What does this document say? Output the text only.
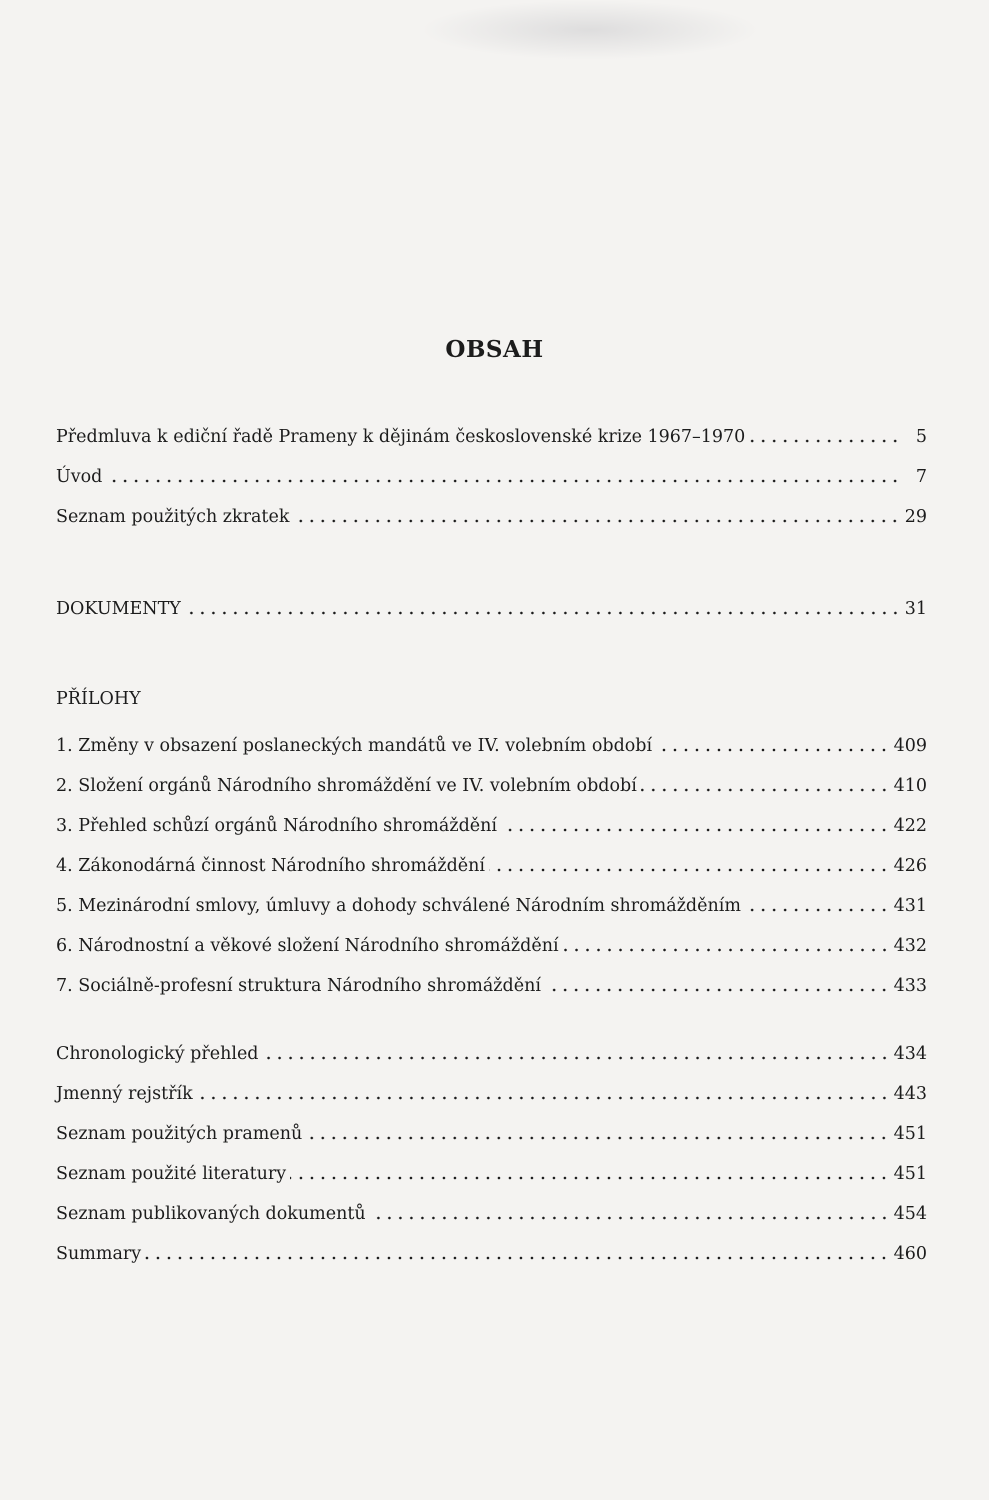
OBSAH
Předmluva k ediční řadě Prameny k dějinám československé krize 1967–1970	5
Úvod	7
Seznam použitých zkratek	29
DOKUMENTY	31
PŘÍLOHY
1. Změny v obsazení poslaneckých mandátů ve IV. volebním období	409
2. Složení orgánů Národního shromáždění ve IV. volebním období	410
3. Přehled schůzí orgánů Národního shromáždění	422
4. Zákonodárná činnost Národního shromáždění	426
5. Mezinárodní smlovy, úmluvy a dohody schválené Národním shromážděním	431
6. Národnostní a věkové složení Národního shromáždění	432
7. Sociálně-profesní struktura Národního shromáždění	433
Chronologický přehled	434
Jmenný rejstřík	443
Seznam použitých pramenů	451
Seznam použité literatury	451
Seznam publikovaných dokumentů	454
Summary	460
